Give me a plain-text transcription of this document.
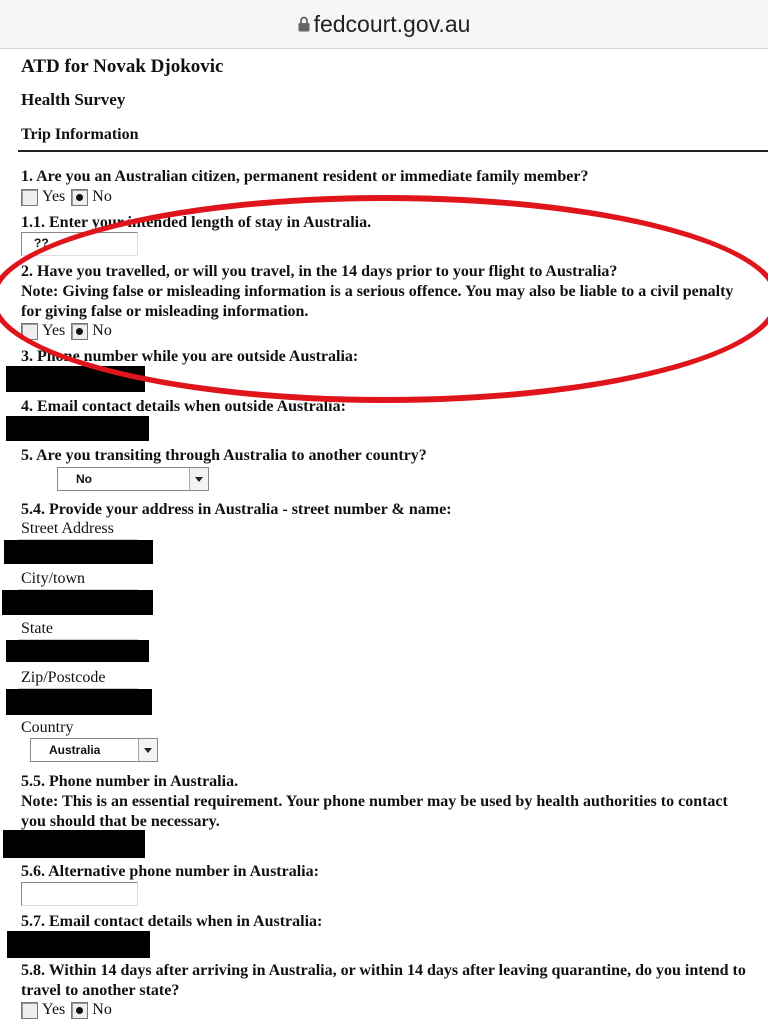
fedcourt.gov.au
ATD for Novak Djokovic
Health Survey
Trip Information
1. Are you an Australian citizen, permanent resident or immediate family member?
Yes No
1.1. Enter your intended length of stay in Australia.
??
2. Have you travelled, or will you travel, in the 14 days prior to your flight to Australia?
Note: Giving false or misleading information is a serious offence. You may also be liable to a civil penalty for giving false or misleading information.
Yes No
3. Phone number while you are outside Australia:
4. Email contact details when outside Australia:
5. Are you transiting through Australia to another country?
No
5.4. Provide your address in Australia - street number & name:
Street Address
City/town
State
Zip/Postcode
Country
Australia
5.5. Phone number in Australia.
Note: This is an essential requirement. Your phone number may be used by health authorities to contact you should that be necessary.
5.6. Alternative phone number in Australia:
5.7. Email contact details when in Australia:
5.8. Within 14 days after arriving in Australia, or within 14 days after leaving quarantine, do you intend to travel to another state?
Yes No
